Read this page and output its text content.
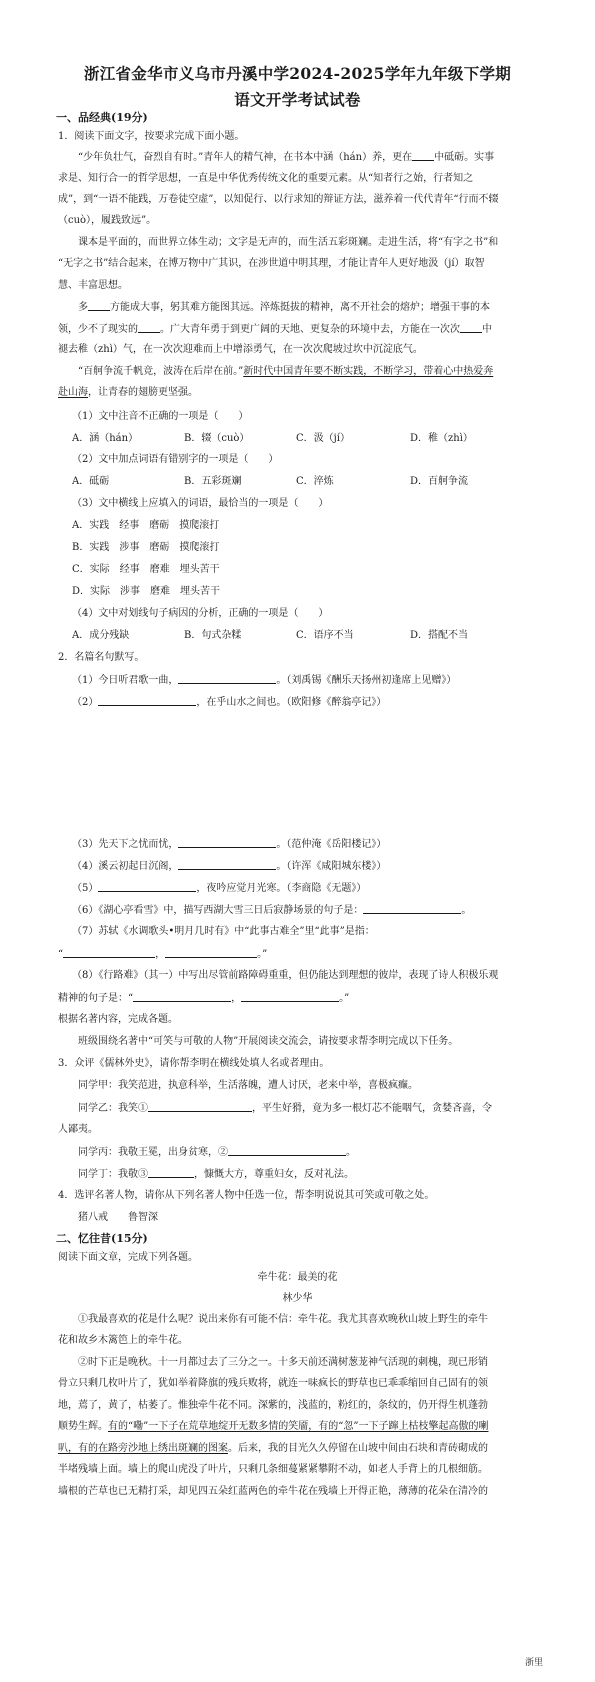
浙江省金华市义乌市丹溪中学2024-2025学年九年级下学期
语文开学考试试卷
一、品经典(19分)
1．阅读下面文字，按要求完成下面小题。
“少年负壮气，奋烈自有时。”青年人的精气神，在书本中涵（hán）养，更在 中砥砺。实事
求是、知行合一的哲学思想，一直是中华优秀传统文化的重要元素。从“知者行之始，行者知之
成”，到“一语不能践，万卷徒空虚”，以知促行、以行求知的辩证方法，滋养着一代代青年“行而不辍
（cuò），履践致远”。
课本是平面的，而世界立体生动；文字是无声的，而生活五彩斑斓。走进生活，将“有字之书”和
“无字之书”结合起来，在博万物中广其识，在涉世道中明其理，才能让青年人更好地汲（jí）取智
慧、丰富思想。
多 方能成大事，躬其难方能图其远。淬炼挺拔的精神，离不开社会的熔炉；增强干事的本
领，少不了现实的 。广大青年勇于到更广阔的天地、更复杂的环境中去，方能在一次次 中
褪去稚（zhì）气，在一次次迎难而上中增添勇气，在一次次爬坡过坎中沉淀底气。
“百舸争流千帆竞，波涛在后岸在前。”新时代中国青年要不断实践，不断学习，带着心中热爱奔
赴山海，让青春的翅膀更坚强。
（1）文中注音不正确的一项是（　　）
A．涵（hán）	B．辍（cuò）	C．汲（jí）	D．稚（zhì）
（2）文中加点词语有错别字的一项是（　　）
A．砥砺	B．五彩斑斓	C．淬炼	D．百舸争流
（3）文中横线上应填入的词语，最恰当的一项是（　　）
A．实践　经事　磨砺　摸爬滚打
B．实践　涉事　磨砺　摸爬滚打
C．实际　经事　磨难　埋头苦干
D．实际　涉事　磨难　埋头苦干
（4）文中对划线句子病因的分析，正确的一项是（　　）
A．成分残缺	B．句式杂糅	C．语序不当	D．搭配不当
2．名篇名句默写。
（1）今日听君歌一曲，	。（刘禹锡《酬乐天扬州初逢席上见赠》）
（2）	，在乎山水之间也。（欧阳修《醉翁亭记》）
（3）先天下之忧而忧，	。（范仲淹《岳阳楼记》）
（4）溪云初起日沉阁，	。（许浑《咸阳城东楼》）
（5）	，夜吟应觉月光寒。（李商隐《无题》）
（6）《湖心亭看雪》中，描写西湖大雪三日后寂静场景的句子是：	。
（7）苏轼《水调歌头•明月几时有》中“此事古难全”里“此事”是指：
“	，	。”
（8）《行路难》（其一）中写出尽管前路障碍重重，但仍能达到理想的彼岸，表现了诗人积极乐观
精神的句子是：“	，	。”
根据名著内容，完成各题。
班级围绕名著中“可笑与可敬的人物”开展阅读交流会，请按要求帮李明完成以下任务。
3．众评《儒林外史》，请你帮李明在横线处填人名或者理由。
同学甲：我笑范进，执意科举，生活落魄，遭人讨厌，老来中举，喜极疯癫。
同学乙：我笑①	，平生好猾，竟为多一根灯芯不能咽气，贪婪吝啬，令
人鄙夷。
同学丙：我敬王冕，出身贫寒，②	。
同学丁：我敬③	，慷慨大方，尊重妇女，反对礼法。
4．选评名著人物，请你从下列名著人物中任选一位，帮李明说说其可笑或可敬之处。
猪八戒　　鲁智深
二、忆往昔(15分)
阅读下面文章，完成下列各题。
牵牛花：最美的花
林少华
①我最喜欢的花是什么呢？说出来你有可能不信：牵牛花。我尤其喜欢晚秋山坡上野生的牵牛
花和故乡木篱笆上的牵牛花。
②时下正是晚秋。十一月都过去了三分之一。十多天前还满树葱茏神气活现的刺槐，现已形销
骨立只剩几枚叶片了，犹如举着降旗的残兵败将，就连一味疯长的野草也已乖乖缩回自己固有的领
地，蔫了，黄了，枯萎了。惟独牵牛花不同。深紫的，浅蓝的，粉红的，条纹的，仍开得生机蓬勃
顺势生辉。有的“嘞”一下子在荒草地绽开无数多情的笑靥，有的“忽”一下子蹿上枯枝擎起高傲的喇
叭，有的在路旁沙地上绣出斑斓的图案。后来，我的目光久久停留在山坡中间由石块和青砖砌成的
半堵残墙上面。墙上的爬山虎没了叶片，只剩几条细蔓紧紧攀附不动，如老人手背上的几根细筋。
墙根的芒草也已无精打采，却见四五朵红蓝两色的牵牛花在残墙上开得正艳，薄薄的花朵在清冷的
浙里
